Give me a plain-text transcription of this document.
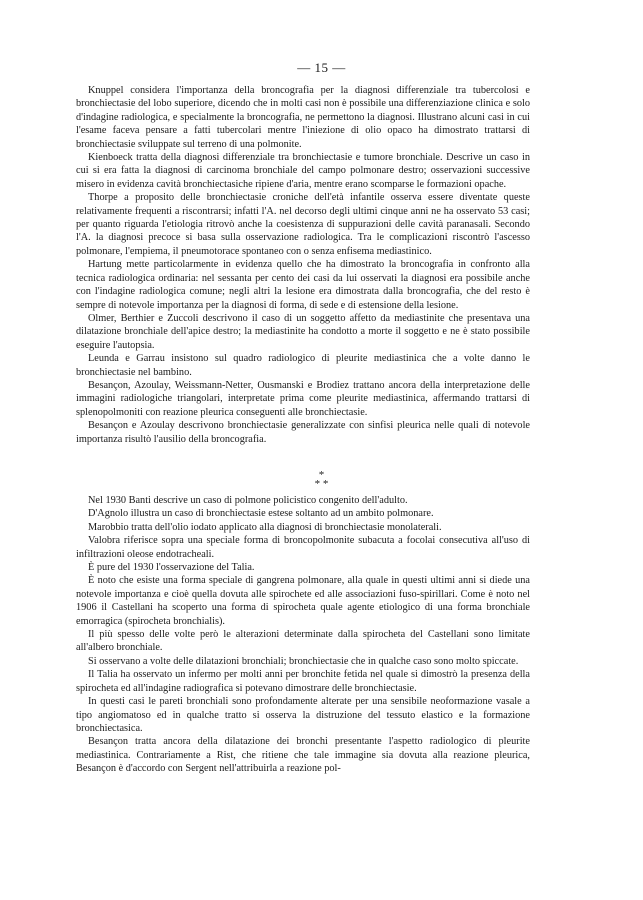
— 15 —

Knuppel considera l'importanza della broncografia per la diagnosi differenziale tra tubercolosi e bronchiectasie del lobo superiore, dicendo che in molti casi non è possibile una differenziazione clinica e solo d'indagine radiologica, e specialmente la broncografia, ne permettono la diagnosi. Illustrano alcuni casi in cui l'esame faceva pensare a fatti tubercolari mentre l'iniezione di olio opaco ha dimostrato trattarsi di bronchiectasie sviluppate sul terreno di una polmonite.

Kienboeck tratta della diagnosi differenziale tra bronchiectasie e tumore bronchiale. Descrive un caso in cui si era fatta la diagnosi di carcinoma bronchiale del campo polmonare destro; osservazioni successive misero in evidenza cavità bronchiectasiche ripiene d'aria, mentre erano scomparse le formazioni opache.

Thorpe a proposito delle bronchiectasie croniche dell'età infantile osserva essere diventate queste relativamente frequenti a riscontrarsi; infatti l'A. nel decorso degli ultimi cinque anni ne ha osservato 53 casi; per quanto riguarda l'etiologia ritrovò anche la coesistenza di suppurazioni delle cavità paranasali. Secondo l'A. la diagnosi precoce si basa sulla osservazione radiologica. Tra le complicazioni riscontrò l'ascesso polmonare, l'empiema, il pneumotorace spontaneo con o senza enfisema mediastinico.

Hartung mette particolarmente in evidenza quello che ha dimostrato la broncografia in confronto alla tecnica radiologica ordinaria: nel sessanta per cento dei casi da lui osservati la diagnosi era possibile anche con l'indagine radiologica comune; negli altri la lesione era dimostrata dalla broncografia, che del resto è sempre di notevole importanza per la diagnosi di forma, di sede e di estensione della lesione.

Olmer, Berthier e Zuccoli descrivono il caso di un soggetto affetto da mediastinite che presentava una dilatazione bronchiale dell'apice destro; la mediastinite ha condotto a morte il soggetto e ne è stato possibile eseguire l'autopsia.

Leunda e Garrau insistono sul quadro radiologico di pleurite mediastinica che a volte danno le bronchiectasie nel bambino.

Besançon, Azoulay, Weissmann-Netter, Ousmanski e Brodiez trattano ancora della interpretazione delle immagini radiologiche triangolari, interpretate prima come pleurite mediastinica, affermando trattarsi di splenopolmoniti con reazione pleurica conseguenti alle bronchiectasie.

Besançon e Azoulay descrivono bronchiectasie generalizzate con sinfisi pleurica nelle quali di notevole importanza risultò l'ausilio della broncografia.

*
* *

Nel 1930 Banti descrive un caso di polmone policistico congenito dell'adulto.

D'Agnolo illustra un caso di bronchiectasie estese soltanto ad un ambito polmonare.

Marobbio tratta dell'olio iodato applicato alla diagnosi di bronchiectasie monolaterali.

Valobra riferisce sopra una speciale forma di broncopolmonite subacuta a focolai consecutiva all'uso di infiltrazioni oleose endotracheali.

È pure del 1930 l'osservazione del Talia.

È noto che esiste una forma speciale di gangrena polmonare, alla quale in questi ultimi anni si diede una notevole importanza e cioè quella dovuta alle spirochete ed alle associazioni fuso-spirillari. Come è noto nel 1906 il Castellani ha scoperto una forma di spirocheta quale agente etiologico di una forma bronchiale emorragica (spirocheta bronchialis).

Il più spesso delle volte però le alterazioni determinate dalla spirocheta del Castellani sono limitate all'albero bronchiale.

Si osservano a volte delle dilatazioni bronchiali; bronchiectasie che in qualche caso sono molto spiccate.

Il Talia ha osservato un infermo per molti anni per bronchite fetida nel quale si dimostrò la presenza della spirocheta ed all'indagine radiografica si potevano dimostrare delle bronchiectasie.

In questi casi le pareti bronchiali sono profondamente alterate per una sensibile neoformazione vasale a tipo angiomatoso ed in qualche tratto si osserva la distruzione del tessuto elastico e la formazione bronchiectasica.

Besançon tratta ancora della dilatazione dei bronchi presentante l'aspetto radiologico di pleurite mediastinica. Contrariamente a Rist, che ritiene che tale immagine sia dovuta alla reazione pleurica, Besançon è d'accordo con Sergent nell'attribuirla a reazione pol-
